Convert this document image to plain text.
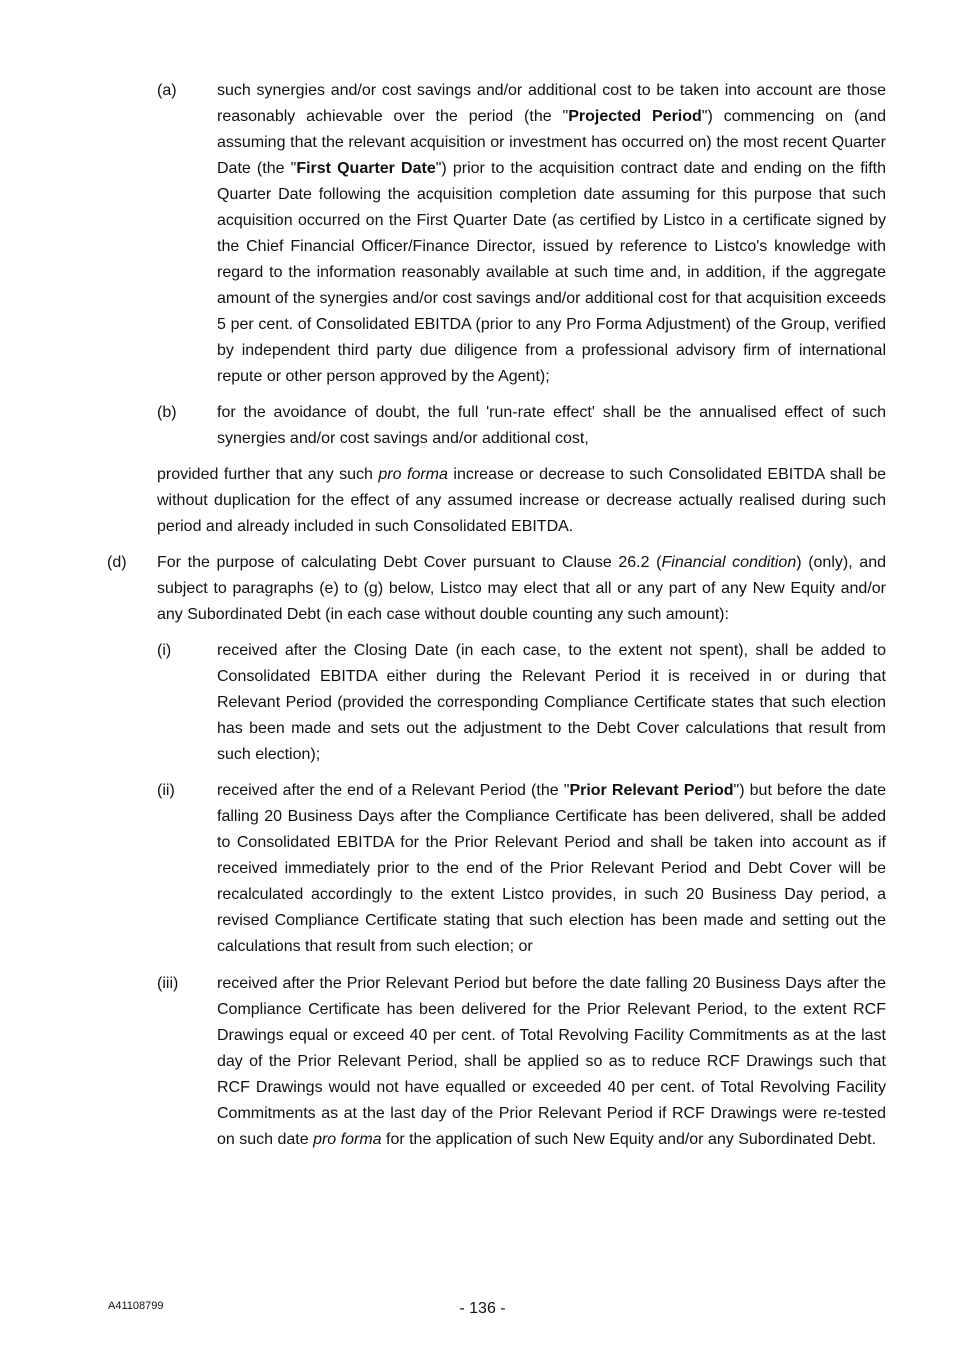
(a)	such synergies and/or cost savings and/or additional cost to be taken into account are those reasonably achievable over the period (the "Projected Period") commencing on (and assuming that the relevant acquisition or investment has occurred on) the most recent Quarter Date (the "First Quarter Date") prior to the acquisition contract date and ending on the fifth Quarter Date following the acquisition completion date assuming for this purpose that such acquisition occurred on the First Quarter Date (as certified by Listco in a certificate signed by the Chief Financial Officer/Finance Director, issued by reference to Listco's knowledge with regard to the information reasonably available at such time and, in addition, if the aggregate amount of the synergies and/or cost savings and/or additional cost for that acquisition exceeds 5 per cent. of Consolidated EBITDA (prior to any Pro Forma Adjustment) of the Group, verified by independent third party due diligence from a professional advisory firm of international repute or other person approved by the Agent);
(b)	for the avoidance of doubt, the full 'run-rate effect' shall be the annualised effect of such synergies and/or cost savings and/or additional cost,
provided further that any such pro forma increase or decrease to such Consolidated EBITDA shall be without duplication for the effect of any assumed increase or decrease actually realised during such period and already included in such Consolidated EBITDA.
(d) For the purpose of calculating Debt Cover pursuant to Clause 26.2 (Financial condition) (only), and subject to paragraphs (e) to (g) below, Listco may elect that all or any part of any New Equity and/or any Subordinated Debt (in each case without double counting any such amount):
(i)	received after the Closing Date (in each case, to the extent not spent), shall be added to Consolidated EBITDA either during the Relevant Period it is received in or during that Relevant Period (provided the corresponding Compliance Certificate states that such election has been made and sets out the adjustment to the Debt Cover calculations that result from such election);
(ii)	received after the end of a Relevant Period (the "Prior Relevant Period") but before the date falling 20 Business Days after the Compliance Certificate has been delivered, shall be added to Consolidated EBITDA for the Prior Relevant Period and shall be taken into account as if received immediately prior to the end of the Prior Relevant Period and Debt Cover will be recalculated accordingly to the extent Listco provides, in such 20 Business Day period, a revised Compliance Certificate stating that such election has been made and setting out the calculations that result from such election; or
(iii) received after the Prior Relevant Period but before the date falling 20 Business Days after the Compliance Certificate has been delivered for the Prior Relevant Period, to the extent RCF Drawings equal or exceed 40 per cent. of Total Revolving Facility Commitments as at the last day of the Prior Relevant Period, shall be applied so as to reduce RCF Drawings such that RCF Drawings would not have equalled or exceeded 40 per cent. of Total Revolving Facility Commitments as at the last day of the Prior Relevant Period if RCF Drawings were re-tested on such date pro forma for the application of such New Equity and/or any Subordinated Debt.
A41108799	- 136 -
